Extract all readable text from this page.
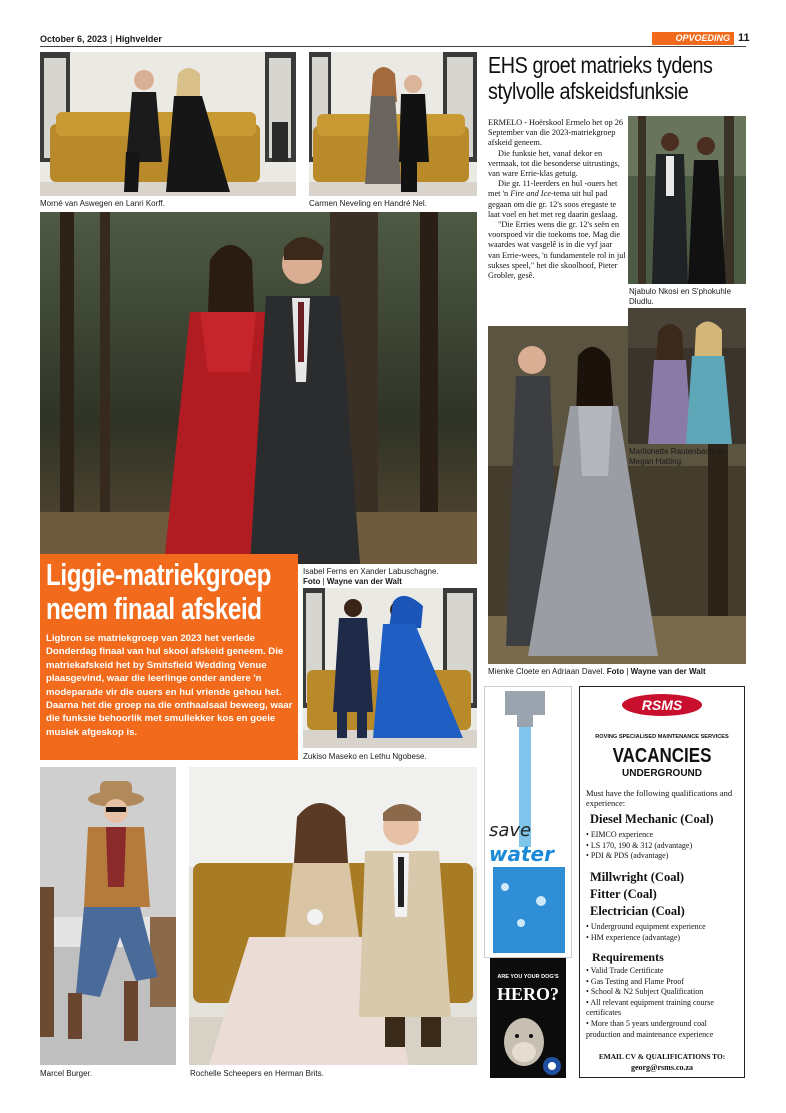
October 6, 2023 | Highvelder	OPVOEDING 11
Morné van Aswegen en Lanri Korff.	Carmen Neveling en Handré Nel.
EHS groet matrieks tydens
stylvolle afskeidsfunksie

ERMELO - Hoërskool Ermelo het op 26 September van die 2023-matriekgroep afskeid geneem.

Die funksie het, vanaf dekor en vermaak, tot die besonderse uitrustings, van ware Errie-klas getuig.

Die gr. 11-leerders en hul -ouers het met 'n Fire and Ice-tema uit hul pad gegaan om die gr. 12's soos eregaste te laat voel en het met reg daarin geslaag.

"Die Erries wens die gr. 12's seën en voorspoed vir die toekoms toe. Mag die waardes wat vasgelê is in die vyf jaar van Errie-wees, 'n fundamentele rol in jul sukses speel," het die skoolhoof, Pieter Grobler, gesê.

Njabulo Nkosi en S'phokuhle Dludlu.
Marlionette Rautenbach en Megan Hatting.
Isabel Ferns en Xander Labuschagne.
Foto | Wayne van der Walt
Mienke Cloete en Adriaan Davel. Foto | Wayne van der Walt
Liggie-matriekgroep
neem finaal afskeid
Ligbron se matriekgroep van 2023 het verlede Donderdag finaal van hul skool afskeid geneem. Die matriekafskeid het by Smitsfield Wedding Venue plaasgevind, waar die leerlinge onder andere 'n modeparade vir die ouers en hul vriende gehou het. Daarna het die groep na die onthaalsaal beweeg, waar die funksie behoorlik met smullekker kos en goeie musiek afgeskop is.
Zukiso Maseko en Lethu Ngobese.
Marcel Burger.	Rochelle Scheepers en Herman Brits.
save
water
ARE YOU YOUR DOG'S
HERO?
RSMS
ROVING SPECIALISED MAINTENANCE SERVICES
VACANCIES
UNDERGROUND
Must have the following qualifications and experience:
Diesel Mechanic (Coal)
• EIMCO experience
• LS 170, 190 & 312 (advantage)
• PDI & PDS (advantage)
Millwright (Coal)
Fitter (Coal)
Electrician (Coal)
• Underground equipment experience
• HM experience (advantage)
Requirements
• Valid Trade Certificate
• Gas Testing and Flame Proof
• School & N2 Subject Qualification
• All relevant equipment training course certificates
• More than 5 years underground coal production and maintenance experience
EMAIL CV & QUALIFICATIONS TO:
georg@rsms.co.za
